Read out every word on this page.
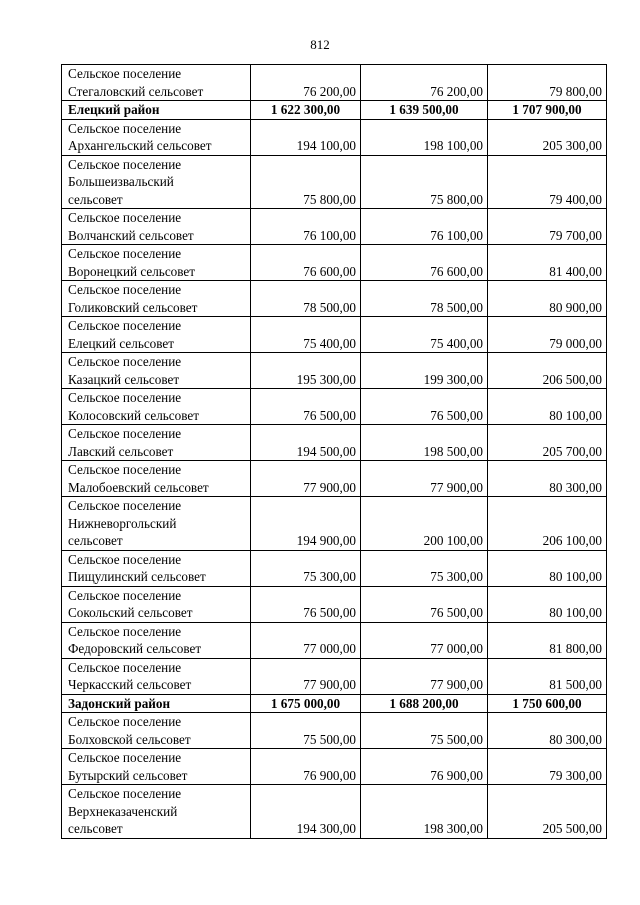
812
Сельское поселение
Стегаловский сельсовет	76 200,00	76 200,00	79 800,00

Елецкий район	1 622 300,00	1 639 500,00	1 707 900,00

Сельское поселение
Архангельский сельсовет	194 100,00	198 100,00	205 300,00

Сельское поселение
Большеизвальский
сельсовет	75 800,00	75 800,00	79 400,00

Сельское поселение
Волчанский сельсовет	76 100,00	76 100,00	79 700,00

Сельское поселение
Воронецкий сельсовет	76 600,00	76 600,00	81 400,00

Сельское поселение
Голиковский сельсовет	78 500,00	78 500,00	80 900,00

Сельское поселение
Елецкий сельсовет	75 400,00	75 400,00	79 000,00

Сельское поселение
Казацкий сельсовет	195 300,00	199 300,00	206 500,00

Сельское поселение
Колосовский сельсовет	76 500,00	76 500,00	80 100,00

Сельское поселение
Лавский сельсовет	194 500,00	198 500,00	205 700,00

Сельское поселение
Малобоевский сельсовет	77 900,00	77 900,00	80 300,00

Сельское поселение
Нижневоргольский
сельсовет	194 900,00	200 100,00	206 100,00

Сельское поселение
Пищулинский сельсовет	75 300,00	75 300,00	80 100,00

Сельское поселение
Сокольский сельсовет	76 500,00	76 500,00	80 100,00

Сельское поселение
Федоровский сельсовет	77 000,00	77 000,00	81 800,00

Сельское поселение
Черкасский сельсовет	77 900,00	77 900,00	81 500,00

Задонский район	1 675 000,00	1 688 200,00	1 750 600,00

Сельское поселение
Болховской сельсовет	75 500,00	75 500,00	80 300,00

Сельское поселение
Бутырский сельсовет	76 900,00	76 900,00	79 300,00

Сельское поселение
Верхнеказаченский
сельсовет	194 300,00	198 300,00	205 500,00
